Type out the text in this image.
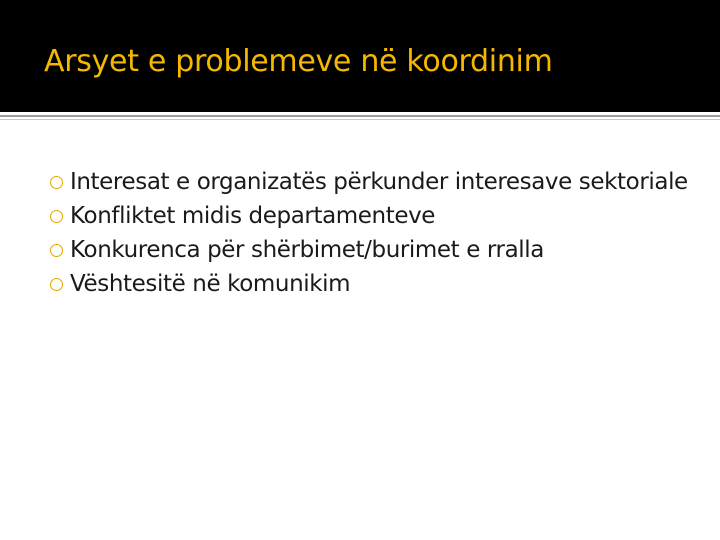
Arsyet e problemeve në koordinim
Interesat e organizatës përkunder interesave sektoriale
Konfliktet midis departamenteve
Konkurenca për shërbimet/burimet e rralla
Vështesitë në komunikim
